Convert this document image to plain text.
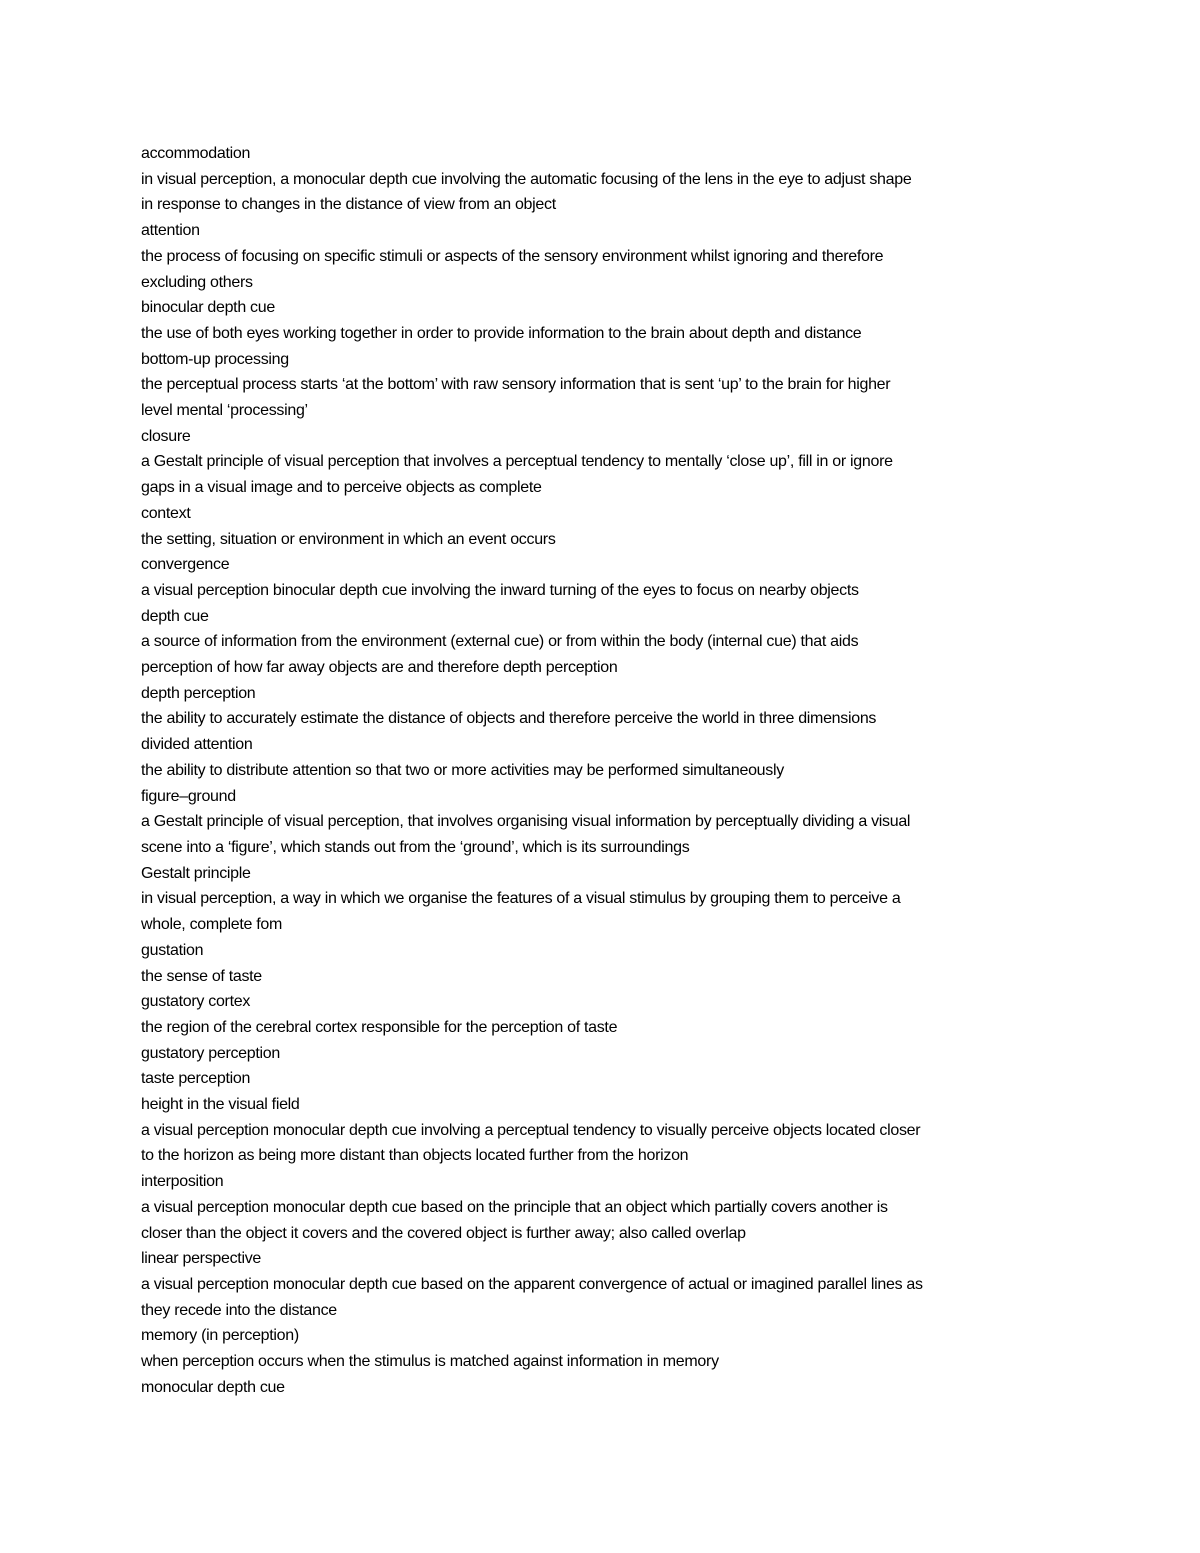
accommodation
in visual perception, a monocular depth cue involving the automatic focusing of the lens in the eye to adjust shape
in response to changes in the distance of view from an object
attention
the process of focusing on specific stimuli or aspects of the sensory environment whilst ignoring and therefore
excluding others
binocular depth cue
the use of both eyes working together in order to provide information to the brain about depth and distance
bottom-up processing
the perceptual process starts ‘at the bottom’ with raw sensory information that is sent ‘up’ to the brain for higher
level mental ‘processing’
closure
a Gestalt principle of visual perception that involves a perceptual tendency to mentally ‘close up’, fill in or ignore
gaps in a visual image and to perceive objects as complete
context
the setting, situation or environment in which an event occurs
convergence
a visual perception binocular depth cue involving the inward turning of the eyes to focus on nearby objects
depth cue
a source of information from the environment (external cue) or from within the body (internal cue) that aids
perception of how far away objects are and therefore depth perception
depth perception
the ability to accurately estimate the distance of objects and therefore perceive the world in three dimensions
divided attention
the ability to distribute attention so that two or more activities may be performed simultaneously
figure–ground
a Gestalt principle of visual perception, that involves organising visual information by perceptually dividing a visual
scene into a ‘figure’, which stands out from the ‘ground’, which is its surroundings
Gestalt principle
in visual perception, a way in which we organise the features of a visual stimulus by grouping them to perceive a
whole, complete fom
gustation
the sense of taste
gustatory cortex
the region of the cerebral cortex responsible for the perception of taste
gustatory perception
taste perception
height in the visual field
a visual perception monocular depth cue involving a perceptual tendency to visually perceive objects located closer
to the horizon as being more distant than objects located further from the horizon
interposition
a visual perception monocular depth cue based on the principle that an object which partially covers another is
closer than the object it covers and the covered object is further away; also called overlap
linear perspective
a visual perception monocular depth cue based on the apparent convergence of actual or imagined parallel lines as
they recede into the distance
memory (in perception)
when perception occurs when the stimulus is matched against information in memory
monocular depth cue
